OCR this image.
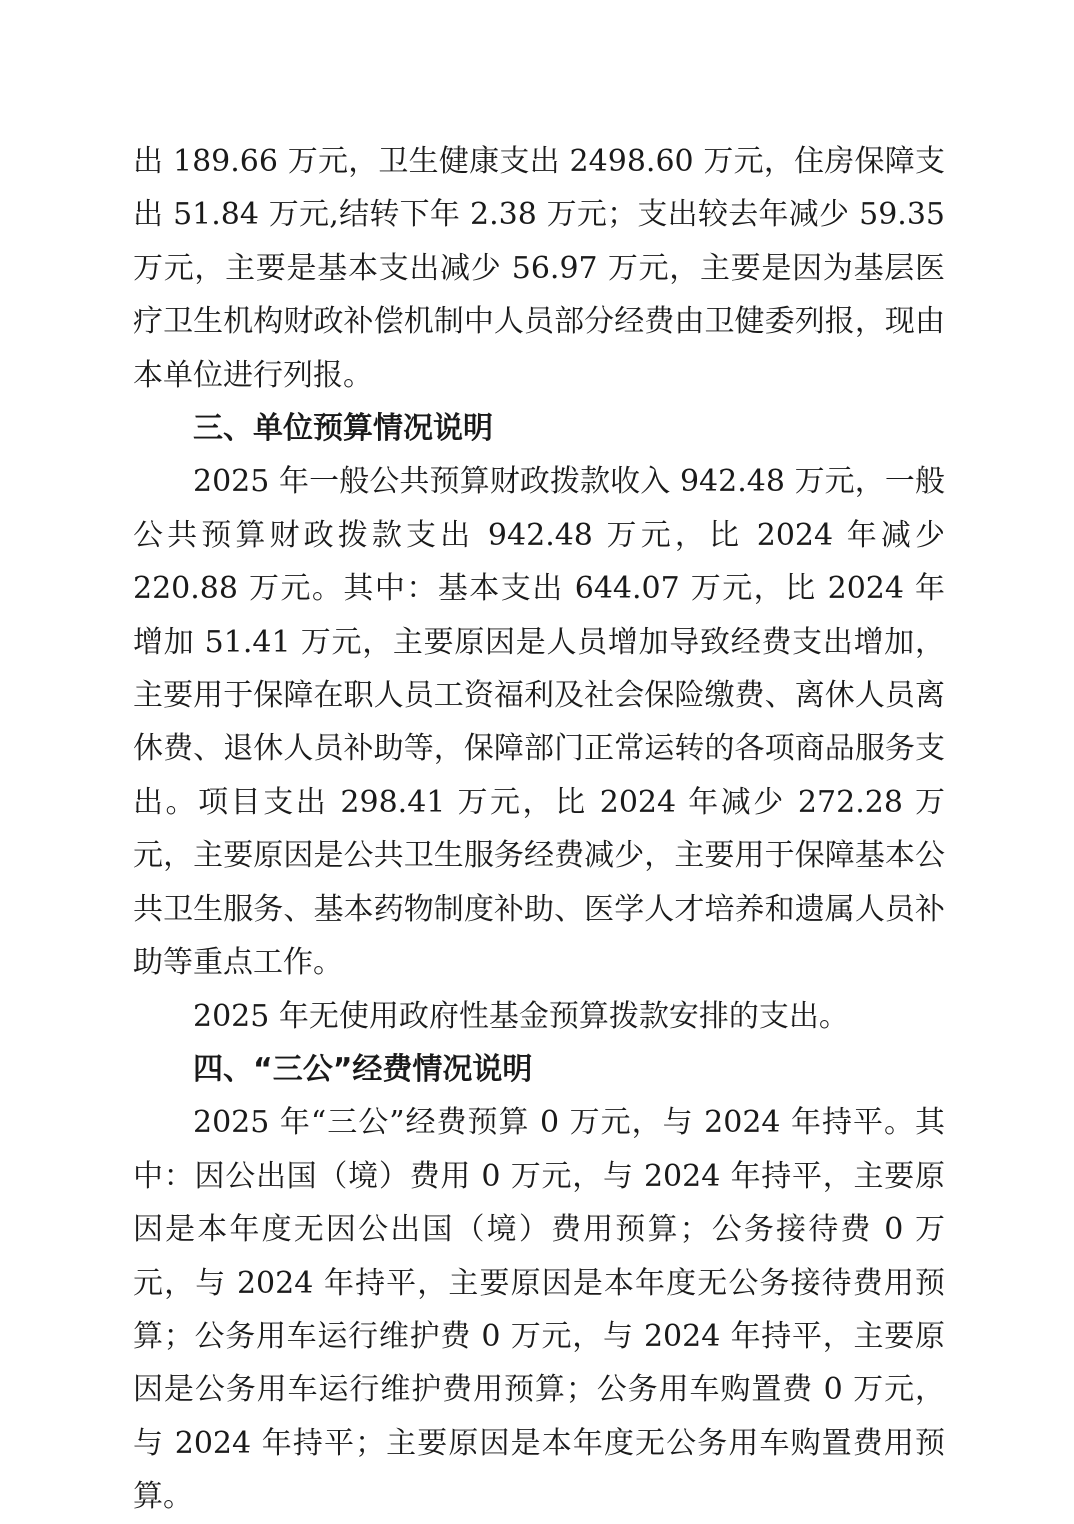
出 189.66 万元，卫生健康支出 2498.60 万元，住房保障支出 51.84 万元,结转下年 2.38 万元；支出较去年减少 59.35 万元，主要是基本支出减少 56.97 万元，主要是因为基层医疗卫生机构财政补偿机制中人员部分经费由卫健委列报，现由本单位进行列报。

三、单位预算情况说明

2025 年一般公共预算财政拨款收入 942.48 万元，一般公共预算财政拨款支出 942.48 万元，比 2024 年减少 220.88 万元。其中：基本支出 644.07 万元，比 2024 年增加 51.41 万元，主要原因是人员增加导致经费支出增加，主要用于保障在职人员工资福利及社会保险缴费、离休人员离休费、退休人员补助等，保障部门正常运转的各项商品服务支出。项目支出 298.41 万元，比 2024 年减少 272.28 万元，主要原因是公共卫生服务经费减少，主要用于保障基本公共卫生服务、基本药物制度补助、医学人才培养和遗属人员补助等重点工作。

2025 年无使用政府性基金预算拨款安排的支出。

四、“三公”经费情况说明

2025 年“三公”经费预算 0 万元，与 2024 年持平。其中：因公出国（境）费用 0 万元，与 2024 年持平，主要原因是本年度无因公出国（境）费用预算；公务接待费 0 万元，与 2024 年持平，主要原因是本年度无公务接待费用预算；公务用车运行维护费 0 万元，与 2024 年持平，主要原因是公务用车运行维护费用预算；公务用车购置费 0 万元，与 2024 年持平；主要原因是本年度无公务用车购置费用预算。
